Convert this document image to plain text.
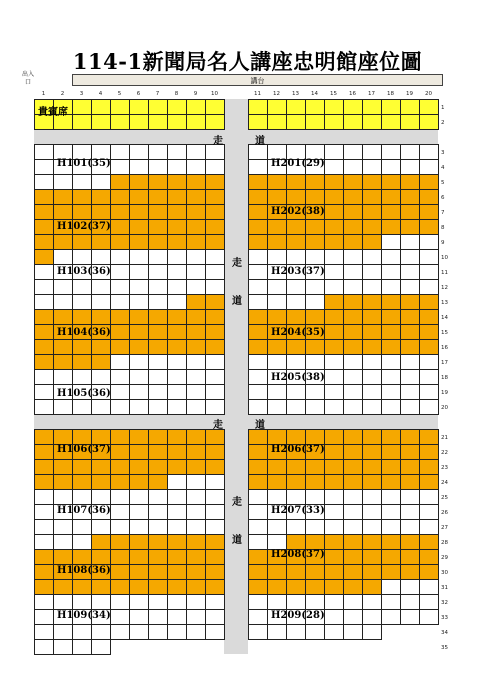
114-1新聞局名人講座忠明館座位圖
出入口	講台
1	2	3	4	5	6	7	8	9	10	11	12	13	14	15	16	17	18	19	20
1
2
3
4
5
6
7
8
9
10
11
12
13
14
15
16
17
18
19
20
21
22
23
24
25
26
27
28
29
30
31
32
33
34
35
貴賓席
走	道
走
道
走	道
走
道
H101(35)
H102(37)
H103(36)
H104(36)
H105(36)
H106(37)
H107(36)
H108(36)
H109(34)
H201(29)
H202(38)
H203(37)
H204(35)
H205(38)
H206(37)
H207(33)
H208(37)
H209(28)
